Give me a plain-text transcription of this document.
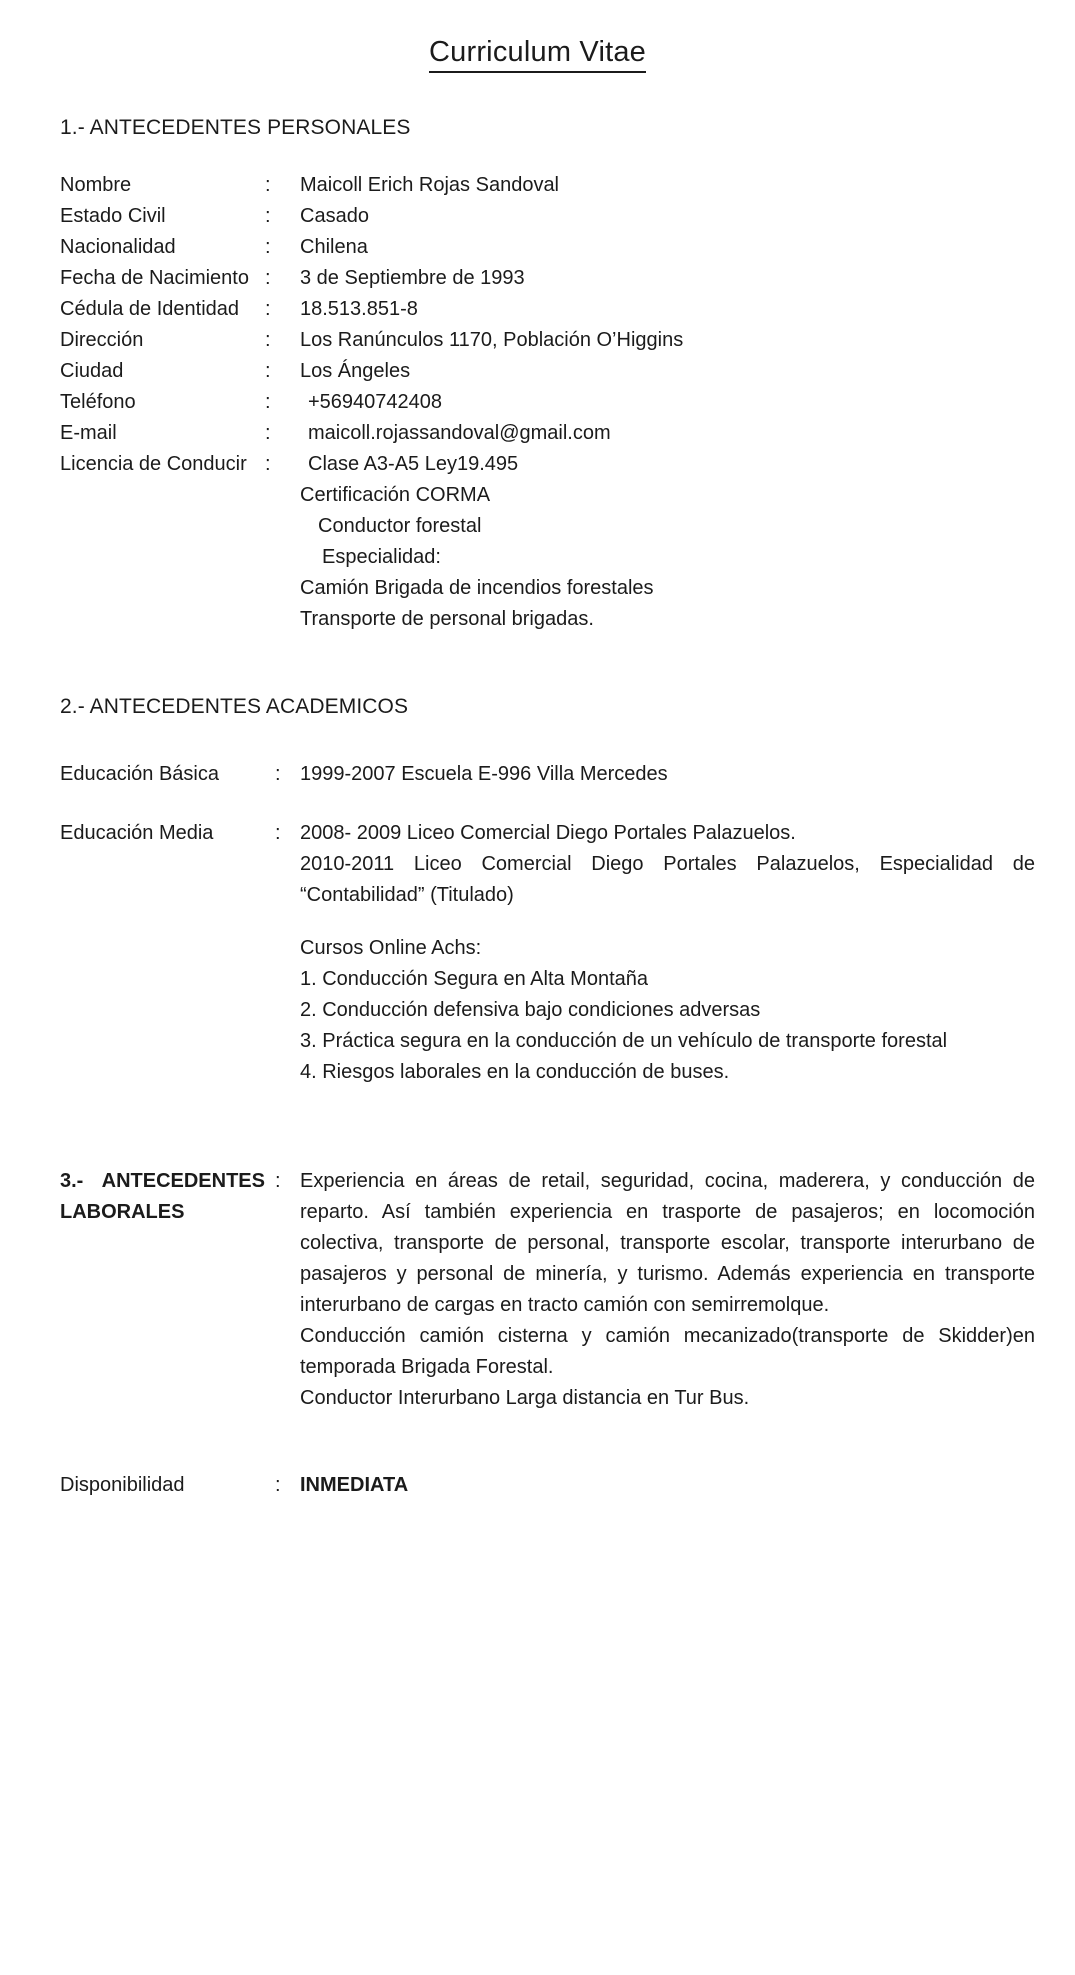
Curriculum Vitae
1.- ANTECEDENTES PERSONALES
Nombre	:	Maicoll Erich Rojas Sandoval
Estado Civil	:	Casado
Nacionalidad	:	Chilena
Fecha de Nacimiento :	3 de Septiembre de 1993
Cédula de Identidad	:	18.513.851-8
Dirección	:	Los Ranúnculos 1170, Población O’Higgins
Ciudad	:	Los Ángeles
Teléfono	:	+56940742408
E-mail	:	maicoll.rojassandoval@gmail.com
Licencia de Conducir :	Clase A3-A5 Ley19.495
Certificación CORMA
Conductor forestal
Especialidad:
Camión Brigada de incendios forestales
Transporte de personal brigadas.
2.- ANTECEDENTES ACADEMICOS
Educación Básica	: 1999-2007 Escuela E-996 Villa Mercedes
Educación Media	: 2008- 2009 Liceo Comercial Diego Portales Palazuelos.
2010-2011 Liceo Comercial Diego Portales Palazuelos, Especialidad de “Contabilidad” (Titulado)
Cursos Online Achs:
1. Conducción Segura en Alta Montaña
2. Conducción defensiva bajo condiciones adversas
3. Práctica segura en la conducción de un vehículo de transporte forestal
4. Riesgos laborales en la conducción de buses.
3.- ANTECEDENTES
LABORALES
: Experiencia en áreas de retail, seguridad, cocina, maderera, y conducción de reparto. Así también experiencia en trasporte de pasajeros; en locomoción colectiva, transporte de personal, transporte escolar, transporte interurbano de pasajeros y personal de minería, y turismo. Además experiencia en transporte interurbano de cargas en tracto camión con semirremolque.

Conducción camión cisterna y camión mecanizado(transporte de Skidder)en temporada Brigada Forestal.

Conductor Interurbano Larga distancia en Tur Bus.

Disponibilidad	: INMEDIATA
